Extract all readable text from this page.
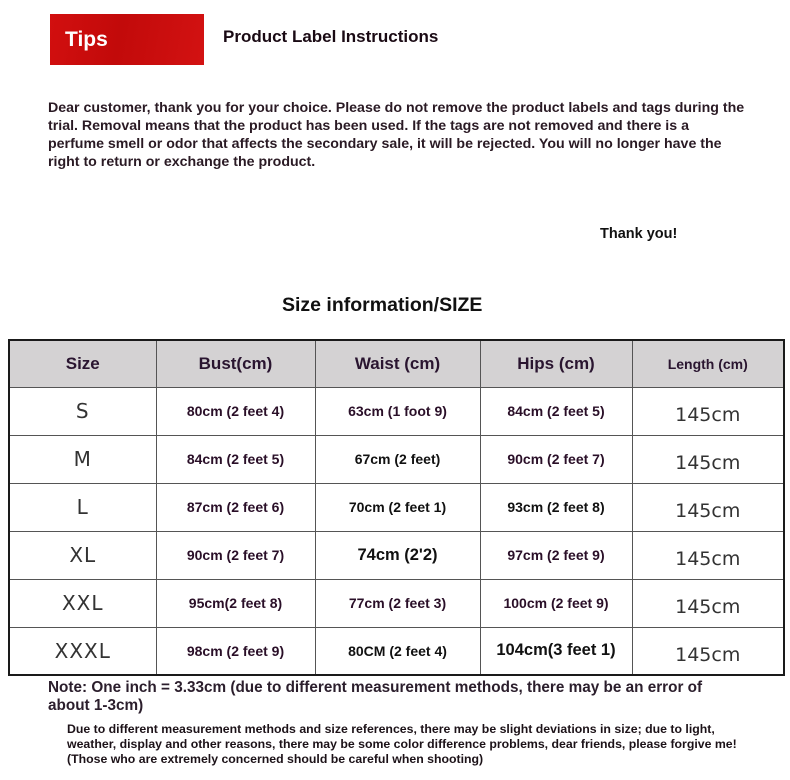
Tips	Product Label Instructions

Dear customer, thank you for your choice. Please do not remove the product labels and tags during the trial. Removal means that the product has been used. If the tags are not removed and there is a perfume smell or odor that affects the secondary sale, it will be rejected. You will no longer have the right to return or exchange the product.

Thank you!
Size information/SIZE
Size	Bust(cm)	Waist (cm)	Hips (cm)	Length (cm)
S	80cm (2 feet 4)	63cm (1 foot 9)	84cm (2 feet 5)	145cm
M	84cm (2 feet 5)	67cm (2 feet)	90cm (2 feet 7)	145cm
L	87cm (2 feet 6)	70cm (2 feet 1)	93cm (2 feet 8)	145cm
XL	90cm (2 feet 7)	74cm (2'2)	97cm (2 feet 9)	145cm
XXL	95cm(2 feet 8)	77cm (2 feet 3)	100cm (2 feet 9)	145cm
XXXL	98cm (2 feet 9)	80CM (2 feet 4)	104cm(3 feet 1)	145cm

Note: One inch = 3.33cm (due to different measurement methods, there may be an error of about 1-3cm)

Due to different measurement methods and size references, there may be slight deviations in size; due to light, weather, display and other reasons, there may be some color difference problems, dear friends, please forgive me! (Those who are extremely concerned should be careful when shooting)
